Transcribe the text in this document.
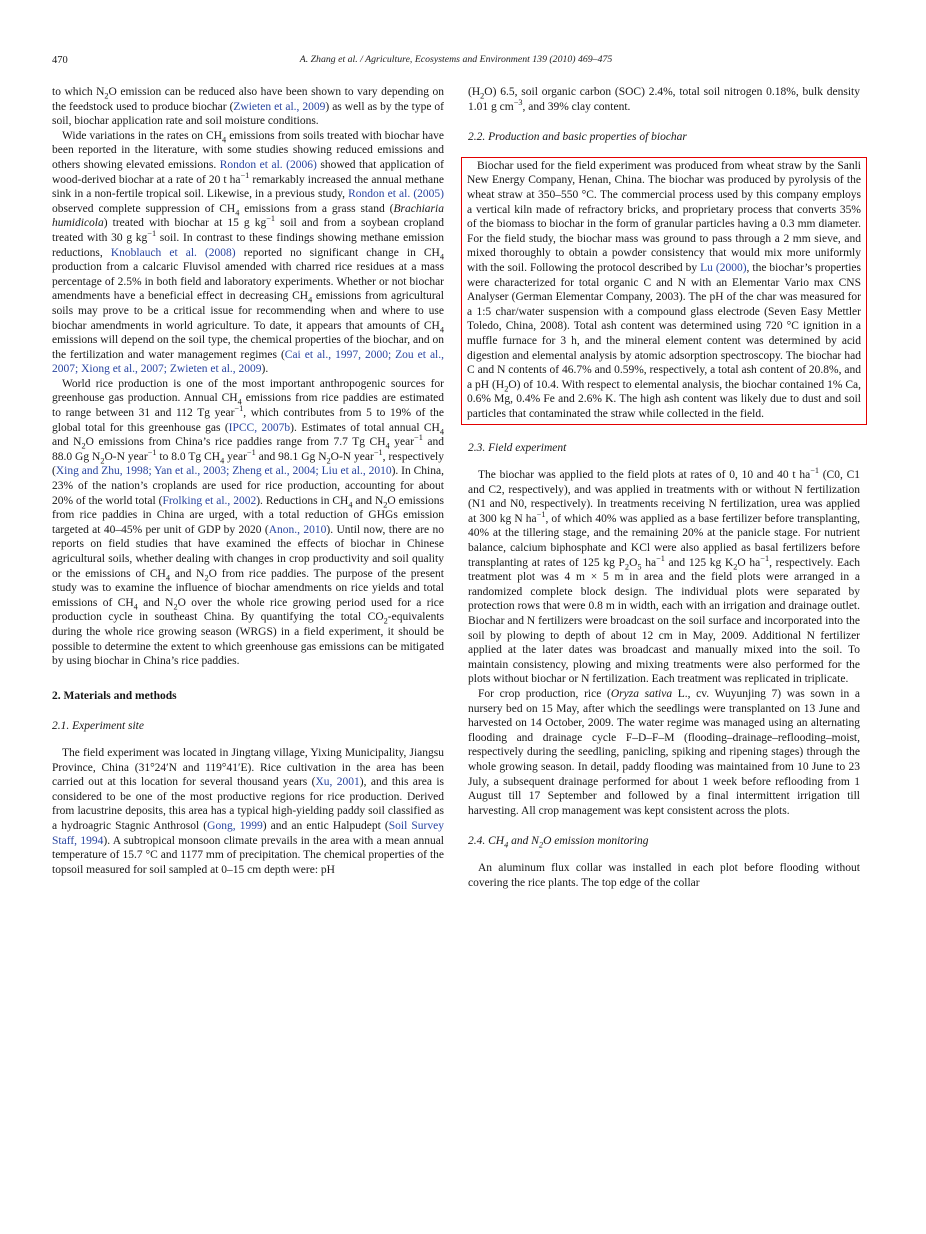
470	A. Zhang et al. / Agriculture, Ecosystems and Environment 139 (2010) 469–475

to which $N_2O$ emission can be reduced also have been shown to vary depending on the feedstock used to produce biochar (Zwieten et al., 2009) as well as by the type of soil, biochar application rate and soil moisture conditions.

Wide variations in the rates on $CH_4$ emissions from soils treated with biochar have been reported in the literature, with some studies showing reduced emissions and others showing elevated emissions. Rondon et al. (2006) showed that application of wood-derived biochar at a rate of 20 t $ha^{-1}$ remarkably increased the annual methane sink in a non-fertile tropical soil. Likewise, in a previous study, Rondon et al. (2005) observed complete suppression of $CH_4$ emissions from a grass stand (Brachiaria humidicola) treated with biochar at 15 g $kg^{-1}$ soil and from a soybean cropland treated with 30 g $kg^{-1}$ soil. In contrast to these findings showing methane emission reductions, Knoblauch et al. (2008) reported no significant change in $CH_4$ production from a calcaric Fluvisol amended with charred rice residues at a mass percentage of 2.5% in both field and laboratory experiments. Whether or not biochar amendments have a beneficial effect in decreasing $CH_4$ emissions from agricultural soils may prove to be a critical issue for recommending when and where to use biochar amendments in world agriculture. To date, it appears that amounts of $CH_4$ emissions will depend on the soil type, the chemical properties of the biochar, and on the fertilization and water management regimes (Cai et al., 1997, 2000; Zou et al., 2007; Xiong et al., 2007; Zwieten et al., 2009).

World rice production is one of the most important anthropogenic sources for greenhouse gas production. Annual $CH_4$ emissions from rice paddies are estimated to range between 31 and 112 Tg year$^{-1}$, which contributes from 5 to 19% of the global total for this greenhouse gas (IPCC, 2007b). Estimates of total annual $CH_4$ and $N_2O$ emissions from China’s rice paddies range from 7.7 Tg $CH_4$ year$^{-1}$ and 88.0 Gg $N_2O-N$ year$^{-1}$ to 8.0 Tg $CH_4$ year$^{-1}$ and 98.1 Gg $N_2O-N$ year$^{-1}$, respectively (Xing and Zhu, 1998; Yan et al., 2003; Zheng et al., 2004; Liu et al., 2010). In China, 23% of the nation’s croplands are used for rice production, accounting for about 20% of the world total (Frolking et al., 2002). Reductions in $CH_4$ and $N_2O$ emissions from rice paddies in China are urged, with a total reduction of GHGs emission targeted at 40–45% per unit of GDP by 2020 (Anon., 2010). Until now, there are no reports on field studies that have examined the effects of biochar in Chinese agricultural soils, whether dealing with changes in crop productivity and soil quality or the emissions of $CH_4$ and $N_2O$ from rice paddies. The purpose of the present study was to examine the influence of biochar amendments on rice yields and total emissions of $CH_4$ and $N_2O$ over the whole rice growing period used for a rice production cycle in southeast China. By quantifying the total $CO_2$-equivalents during the whole rice growing season (WRGS) in a field experiment, it should be possible to determine the extent to which greenhouse gas emissions can be mitigated by using biochar in China’s rice paddies.

2. Materials and methods
2.1. Experiment site

The field experiment was located in Jingtang village, Yixing Municipality, Jiangsu Province, China (31°24′N and 119°41′E). Rice cultivation in the area has been carried out at this location for several thousand years (Xu, 2001), and this area is considered to be one of the most productive regions for rice production. Derived from lacustrine deposits, this area has a typical high-yielding paddy soil classified as a hydroagric Stagnic Anthrosol (Gong, 1999) and an entic Halpudept (Soil Survey Staff, 1994). A subtropical monsoon climate prevails in the area with a mean annual temperature of 15.7 °C and 1177 mm of precipitation. The chemical properties of the topsoil measured for soil sampled at 0–15 cm depth were: pH

$(H_2O)$ 6.5, soil organic carbon (SOC) 2.4%, total soil nitrogen 0.18%, bulk density 1.01 g $cm^{-3}$, and 39% clay content.

2.2. Production and basic properties of biochar

Biochar used for the field experiment was produced from wheat straw by the Sanli New Energy Company, Henan, China. The biochar was produced by pyrolysis of the wheat straw at 350–550 °C. The commercial process used by this company employs a vertical kiln made of refractory bricks, and proprietary process that converts 35% of the biomass to biochar in the form of granular particles having a 0.3 mm diameter. For the field study, the biochar mass was ground to pass through a 2 mm sieve, and mixed thoroughly to obtain a powder consistency that would mix more uniformly with the soil. Following the protocol described by Lu (2000), the biochar’s properties were characterized for total organic C and N with an Elementar Vario max CNS Analyser (German Elementar Company, 2003). The pH of the char was measured for a 1:5 char/water suspension with a compound glass electrode (Seven Easy Mettler Toledo, China, 2008). Total ash content was determined using 720 °C ignition in a muffle furnace for 3 h, and the mineral element content was determined by acid digestion and elemental analysis by atomic adsorption spectroscopy. The biochar had C and N contents of 46.7% and 0.59%, respectively, a total ash content of 20.8%, and a pH $(H_2O)$ of 10.4. With respect to elemental analysis, the biochar contained 1% Ca, 0.6% Mg, 0.4% Fe and 2.6% K. The high ash content was likely due to dust and soil particles that contaminated the straw while collected in the field.

2.3. Field experiment

The biochar was applied to the field plots at rates of 0, 10 and 40 t $ha^{-1}$ (C0, C1 and C2, respectively), and was applied in treatments with or without N fertilization (N1 and N0, respectively). In treatments receiving N fertilization, urea was applied at 300 kg N $ha^{-1}$, of which 40% was applied as a base fertilizer before transplanting, 40% at the tillering stage, and the remaining 20% at the panicle stage. For nutrient balance, calcium biphosphate and KCl were also applied as basal fertilizers before transplanting at rates of 125 kg $P_2O_5$ $ha^{-1}$ and 125 kg $K_2O$ $ha^{-1}$, respectively. Each treatment plot was 4 m × 5 m in area and the field plots were arranged in a randomized complete block design. The individual plots were separated by protection rows that were 0.8 m in width, each with an irrigation and drainage outlet. Biochar and N fertilizers were broadcast on the soil surface and incorporated into the soil by plowing to depth of about 12 cm in May, 2009. Additional N fertilizer applied at the later dates was broadcast and manually mixed into the soil. To maintain consistency, plowing and mixing treatments were also performed for the plots without biochar or N fertilization. Each treatment was replicated in triplicate.

For crop production, rice (Oryza sativa L., cv. Wuyunjing 7) was sown in a nursery bed on 15 May, after which the seedlings were transplanted on 13 June and harvested on 14 October, 2009. The water regime was managed using an alternating flooding and drainage cycle F–D–F–M (flooding–drainage–reflooding–moist, respectively during the seedling, panicling, spiking and ripening stages) through the whole growing season. In detail, paddy flooding was maintained from 10 June to 23 July, a subsequent drainage performed for about 1 week before reflooding from 1 August till 17 September and followed by a final intermittent irrigation till harvesting. All crop management was kept consistent across the plots.

2.4. $CH_4$ and $N_2O$ emission monitoring

An aluminum flux collar was installed in each plot before flooding without covering the rice plants. The top edge of the collar
